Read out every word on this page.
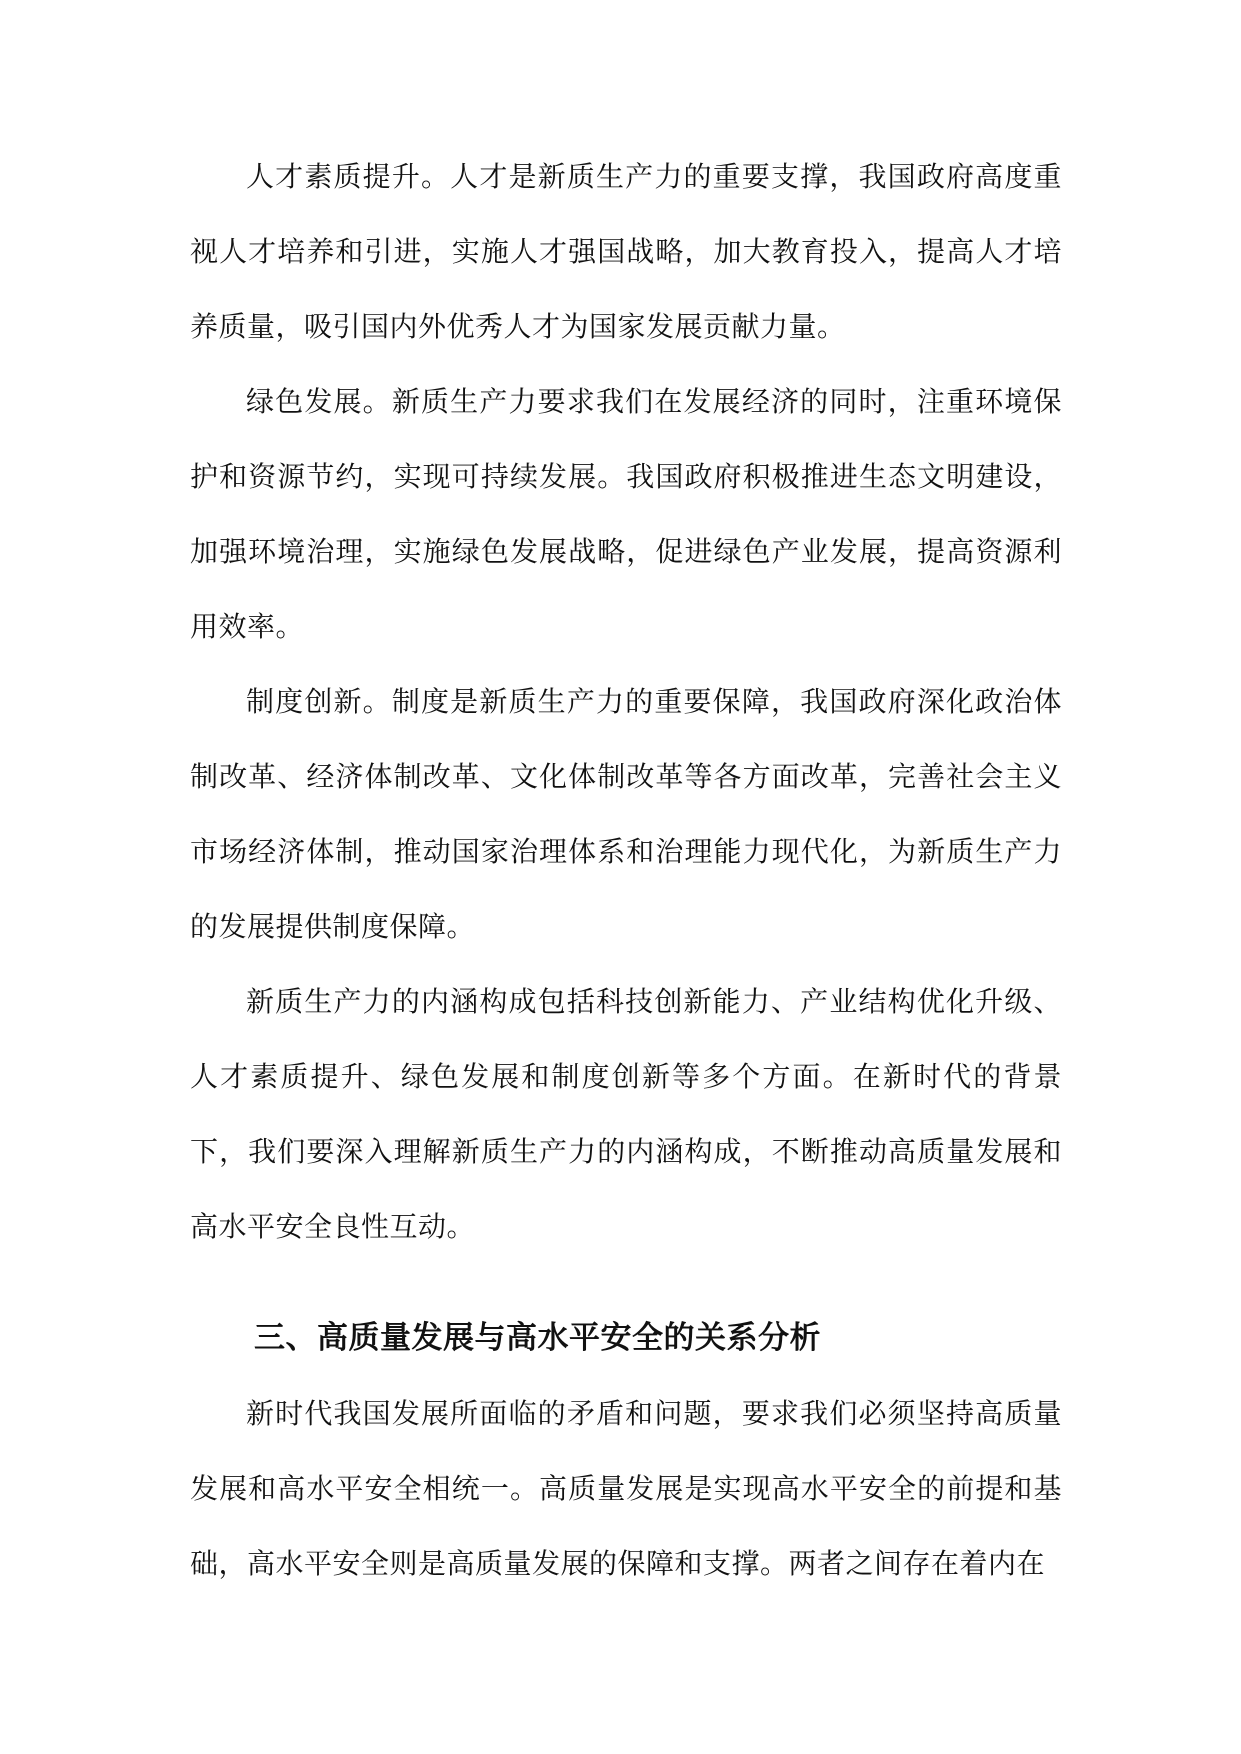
人才素质提升。人才是新质生产力的重要支撑，我国政府高度重视人才培养和引进，实施人才强国战略，加大教育投入，提高人才培养质量，吸引国内外优秀人才为国家发展贡献力量。

绿色发展。新质生产力要求我们在发展经济的同时，注重环境保护和资源节约，实现可持续发展。我国政府积极推进生态文明建设，加强环境治理，实施绿色发展战略，促进绿色产业发展，提高资源利用效率。

制度创新。制度是新质生产力的重要保障，我国政府深化政治体制改革、经济体制改革、文化体制改革等各方面改革，完善社会主义市场经济体制，推动国家治理体系和治理能力现代化，为新质生产力的发展提供制度保障。

新质生产力的内涵构成包括科技创新能力、产业结构优化升级、人才素质提升、绿色发展和制度创新等多个方面。在新时代的背景下，我们要深入理解新质生产力的内涵构成，不断推动高质量发展和高水平安全良性互动。

三、高质量发展与高水平安全的关系分析

新时代我国发展所面临的矛盾和问题，要求我们必须坚持高质量发展和高水平安全相统一。高质量发展是实现高水平安全的前提和基础，高水平安全则是高质量发展的保障和支撑。两者之间存在着内在
